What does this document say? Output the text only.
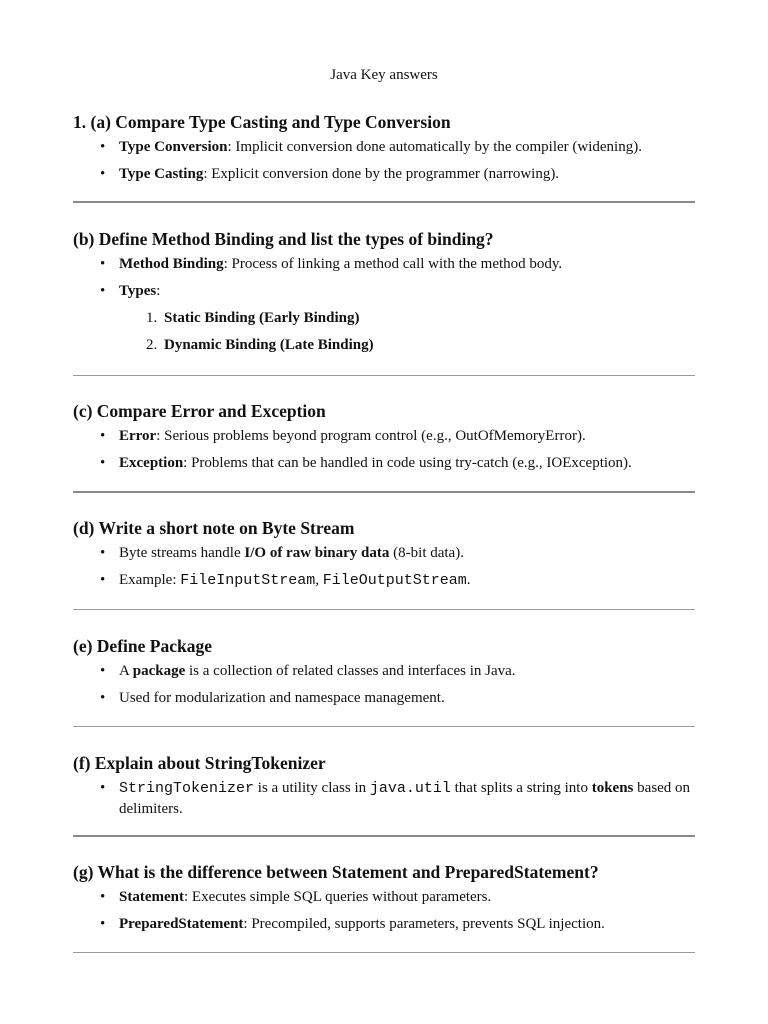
Java Key answers
1. (a) Compare Type Casting and Type Conversion
• Type Conversion: Implicit conversion done automatically by the compiler (widening).
• Type Casting: Explicit conversion done by the programmer (narrowing).
(b) Define Method Binding and list the types of binding?
• Method Binding: Process of linking a method call with the method body.
• Types:
1. Static Binding (Early Binding)
2. Dynamic Binding (Late Binding)
(c) Compare Error and Exception
• Error: Serious problems beyond program control (e.g., OutOfMemoryError).
• Exception: Problems that can be handled in code using try-catch (e.g., IOException).
(d) Write a short note on Byte Stream
• Byte streams handle I/O of raw binary data (8-bit data).
• Example: FileInputStream, FileOutputStream.
(e) Define Package
• A package is a collection of related classes and interfaces in Java.
• Used for modularization and namespace management.
(f) Explain about StringTokenizer
• StringTokenizer is a utility class in java.util that splits a string into tokens based on delimiters.
(g) What is the difference between Statement and PreparedStatement?
• Statement: Executes simple SQL queries without parameters.
• PreparedStatement: Precompiled, supports parameters, prevents SQL injection.
